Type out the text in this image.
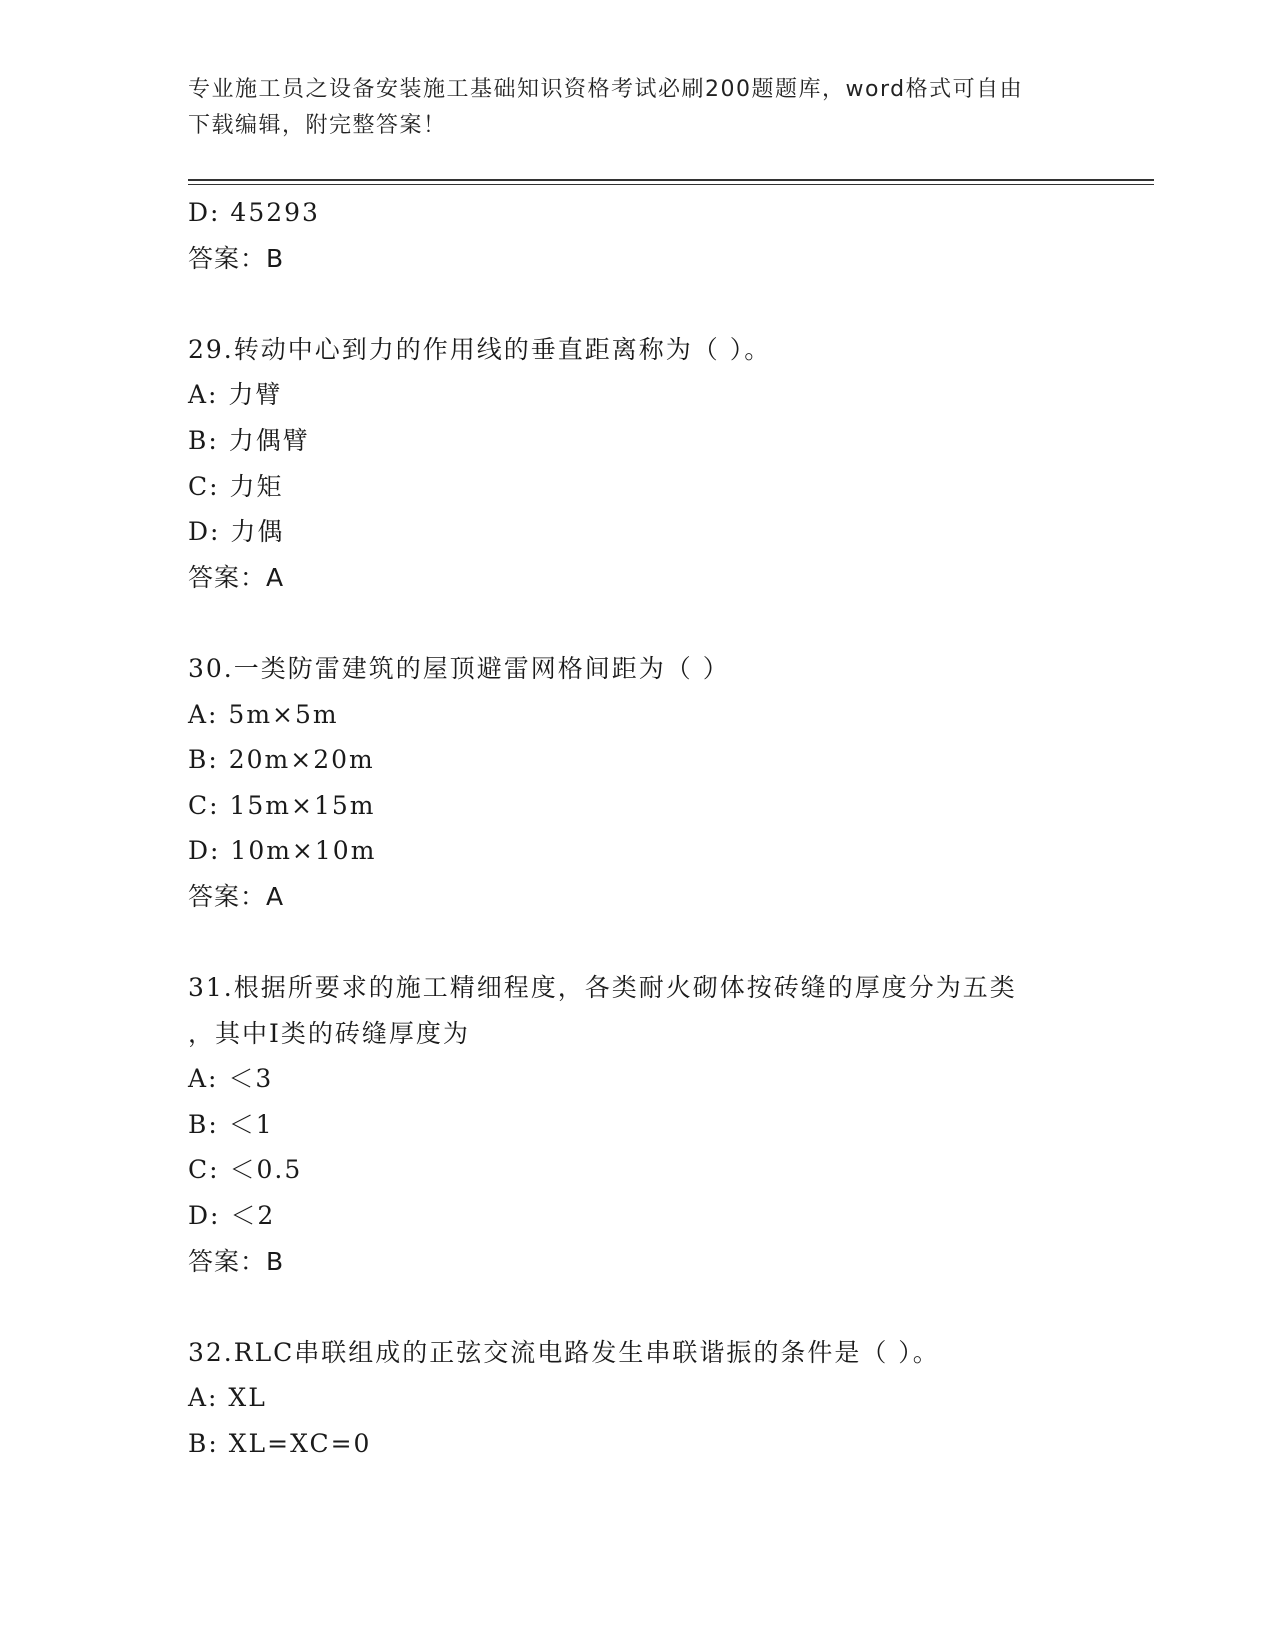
专业施工员之设备安装施工基础知识资格考试必刷200题题库，word格式可自由
下载编辑，附完整答案！
D: 45293
答案：B
29.转动中心到力的作用线的垂直距离称为（ ）。
A: 力臂
B: 力偶臂
C: 力矩
D: 力偶
答案：A
30.一类防雷建筑的屋顶避雷网格间距为（ ）
A: 5m×5m
B: 20m×20m
C: 15m×15m
D: 10m×10m
答案：A
31.根据所要求的施工精细程度，各类耐火砌体按砖缝的厚度分为五类
，其中Ⅰ类的砖缝厚度为
A: ＜3
B: ＜1
C: ＜0.5
D: ＜2
答案：B
32.RLC串联组成的正弦交流电路发生串联谐振的条件是（ ）。
A: XL
B: XL=XC=0
